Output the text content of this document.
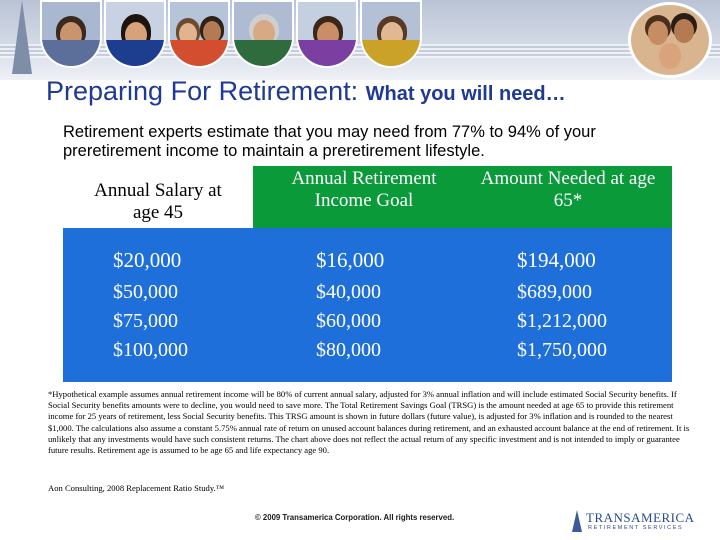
Preparing For Retirement: What you will need…

Retirement experts estimate that you may need from 77% to 94% of your preretirement income to maintain a preretirement lifestyle.

Annual Salary at age 45
Annual Retirement Income Goal
Amount Needed at age 65*
$20,000
$50,000
$75,000
$100,000
$16,000
$40,000
$60,000
$80,000
$194,000
$689,000
$1,212,000
$1,750,000

*Hypothetical example assumes annual retirement income will be 80% of current annual salary, adjusted for 3% annual inflation and will include estimated Social Security benefits. If Social Security benefits amounts were to decline, you would need to save more. The Total Retirement Savings Goal (TRSG) is the amount needed at age 65 to provide this retirement income for 25 years of retirement, less Social Security benefits. This TRSG amount is shown in future dollars (future value), is adjusted for 3% inflation and is rounded to the nearest $1,000. The calculations also assume a constant 5.75% annual rate of return on unused account balances during retirement, and an exhausted account balance at the end of retirement. It is unlikely that any investments would have such consistent returns. The chart above does not reflect the actual return of any specific investment and is not intended to imply or guarantee future results. Retirement age is assumed to be age 65 and life expectancy age 90.

Aon Consulting, 2008 Replacement Ratio Study.™

© 2009 Transamerica Corporation. All rights reserved.	TRANSAMERICA
RETIREMENT SERVICES
